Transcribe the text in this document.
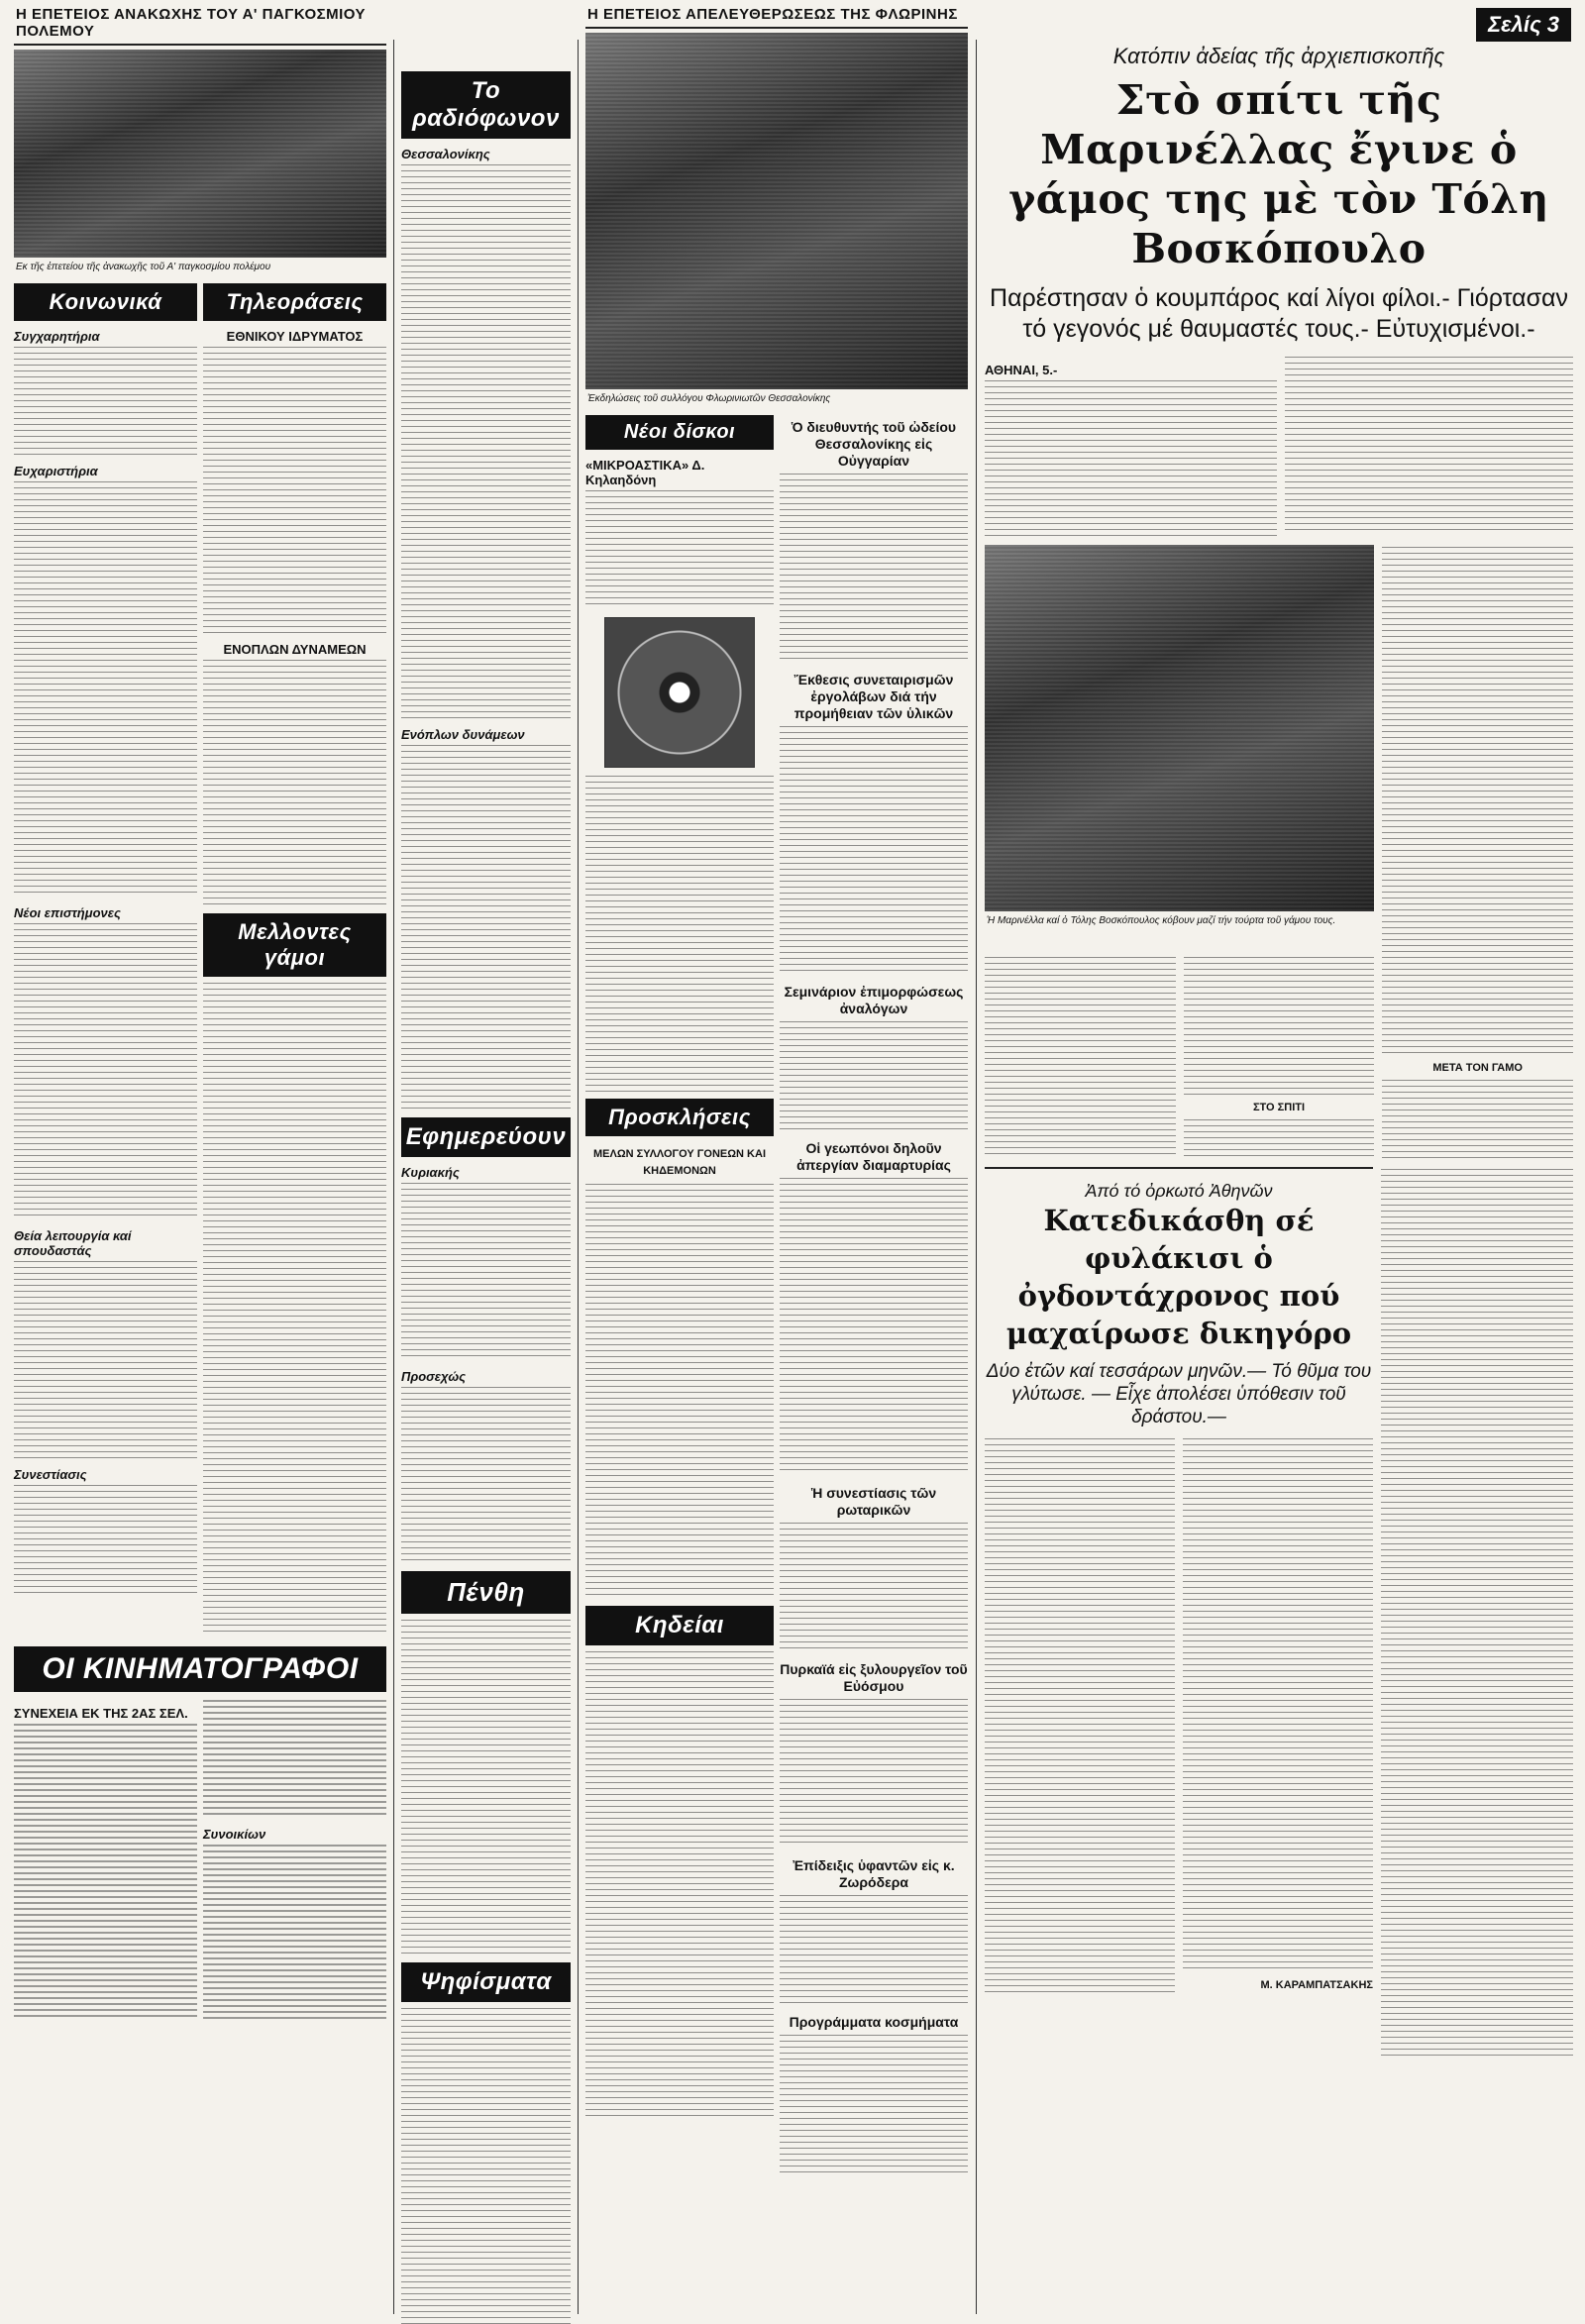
Η ΕΠΕΤΕΙΟΣ ΑΝΑΚΩΧΗΣ ΤΟΥ Α' ΠΑΓΚΟΣΜΙΟΥ ΠΟΛΕΜΟΥ
Εκ τῆς ἐπετείου τῆς ἀνακωχῆς τοῦ Α' παγκοσμίου πολέμου
Κοινωνικά
Συγχαρητήρια
Ευχαριστήρια
Νέοι επιστήμονες
Θεία λειτουργία καί σπουδαστάς
Συνεστίασις
Τηλεοράσεις
ΕΘΝΙΚΟΥ ΙΔΡΥΜΑΤΟΣ
ΕΝΟΠΛΩΝ ΔΥΝΑΜΕΩΝ
Μελλοντες γάμοι
ΟΙ ΚΙΝΗΜΑΤΟΓΡΑΦΟΙ
ΣΥΝΕΧΕΙΑ ΕΚ ΤΗΣ 2ΑΣ ΣΕΛ.
Συνοικίων
Το ραδιόφωνον
Θεσσαλονίκης
Ενόπλων δυνάμεων
Εφημερεύουν
Κυριακής
Προσεχώς
Πένθη
Ψηφίσματα
Η ΕΠΕΤΕΙΟΣ ΑΠΕΛΕΥΘΕΡΩΣΕΩΣ ΤΗΣ ΦΛΩΡΙΝΗΣ
Ἐκδηλώσεις τοῦ συλλόγου Φλωρινιωτῶν Θεσσαλονίκης
Νέοι δίσκοι
«ΜΙΚΡΟΑΣΤΙΚΑ» Δ. Κηλαηδόνη
Προσκλήσεις
ΜΕΛΩΝ ΣΥΛΛΟΓΟΥ ΓΟΝΕΩΝ ΚΑΙ ΚΗΔΕΜΟΝΩΝ
Κηδείαι
Ὁ διευθυντής τοῦ ὠδείου Θεσσαλονίκης εἰς Οὐγγαρίαν
Ἔκθεσις συνεταιρισμῶν ἐργολάβων διά τήν προμήθειαν τῶν ὑλικῶν
Σεμινάριον ἐπιμορφώσεως ἀναλόγων
Οἱ γεωπόνοι δηλοῦν ἀπεργίαν διαμαρτυρίας
Ἡ συνεστίασις τῶν ρωταρικῶν
Πυρκαϊά εἰς ξυλουργεῖον τοῦ Εὐόσμου
Ἐπίδειξις ὑφαντῶν εἰς κ. Ζωρόδερα
Προγράμματα κοσμήματα
Σελίς 3
Κατόπιν ἀδείας τῆς ἀρχιεπισκοπῆς
Στὸ σπίτι τῆς Μαρινέλλας ἔγινε ὁ γάμος της μὲ τὸν Τόλη Βοσκόπουλο
Παρέστησαν ὁ κουμπάρος καί λίγοι φίλοι.- Γιόρτασαν τό γεγονός μέ θαυμαστές τους.- Εὐτυχισμένοι.-
ΑΘΗΝΑΙ, 5.-
Ἡ Μαρινέλλα καί ὁ Τόλης Βοσκόπουλος κόβουν μαζί τήν τούρτα τοῦ γάμου τους.
ΣΤΟ ΣΠΙΤΙ
ΜΕΤΑ ΤΟΝ ΓΑΜΟ
Ἀπό τό ὀρκωτό Ἀθηνῶν
Κατεδικάσθη σέ φυλάκισι ὁ ὀγδοντάχρονος πού μαχαίρωσε δικηγόρο
Δύο ἐτῶν καί τεσσάρων μηνῶν.— Τό θῦμα του γλύτωσε. — Εἶχε ἀπολέσει ὑπόθεσιν τοῦ δράστου.—
Μ. ΚΑΡΑΜΠΑΤΣΑΚΗΣ
